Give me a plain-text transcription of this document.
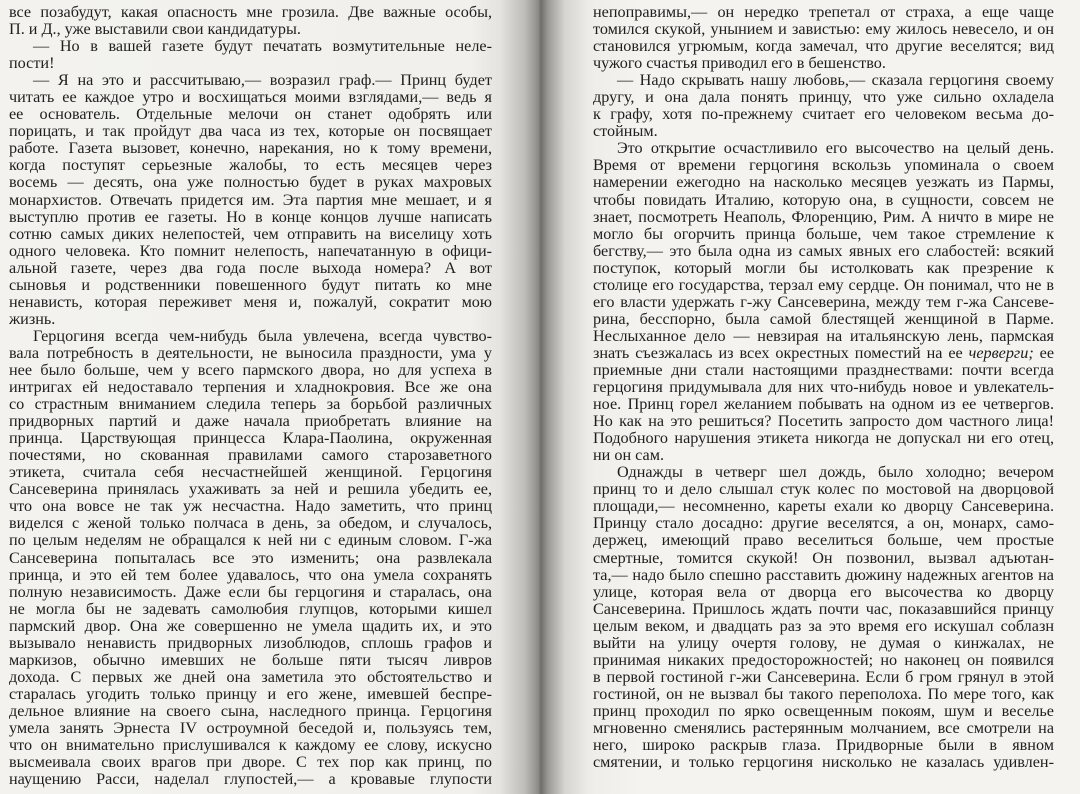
все позабудут, какая опасность мне грозила. Две важные особы,
П. и Д., уже выставили свои кандидатуры.
— Но в вашей газете будут печатать возмутительные неле-
пости!
— Я на это и рассчитываю,— возразил граф.— Принц будет
читать ее каждое утро и восхищаться моими взглядами,— ведь я
ее основатель. Отдельные мелочи он станет одобрять или
порицать, и так пройдут два часа из тех, которые он посвящает
работе. Газета вызовет, конечно, нарекания, но к тому времени,
когда поступят серьезные жалобы, то есть месяцев через
восемь — десять, она уже полностью будет в руках махровых
монархистов. Отвечать придется им. Эта партия мне мешает, и я
выступлю против ее газеты. Но в конце концов лучше написать
сотню самых диких нелепостей, чем отправить на виселицу хоть
одного человека. Кто помнит нелепость, напечатанную в офици-
альной газете, через два года после выхода номера? А вот
сыновья и родственники повешенного будут питать ко мне
ненависть, которая переживет меня и, пожалуй, сократит мою
жизнь.
Герцогиня всегда чем-нибудь была увлечена, всегда чувство-
вала потребность в деятельности, не выносила праздности, ума у
нее было больше, чем у всего пармского двора, но для успеха в
интригах ей недоставало терпения и хладнокровия. Все же она
со страстным вниманием следила теперь за борьбой различных
придворных партий и даже начала приобретать влияние на
принца. Царствующая принцесса Клара-Паолина, окруженная
почестями, но скованная правилами самого старозаветного
этикета, считала себя несчастнейшей женщиной. Герцогиня
Сансеверина принялась ухаживать за ней и решила убедить ее,
что она вовсе не так уж несчастна. Надо заметить, что принц
виделся с женой только полчаса в день, за обедом, и случалось,
по целым неделям не обращался к ней ни с единым словом. Г-жа
Сансеверина попыталась все это изменить; она развлекала
принца, и это ей тем более удавалось, что она умела сохранять
полную независимость. Даже если бы герцогиня и старалась, она
не могла бы не задевать самолюбия глупцов, которыми кишел
пармский двор. Она же совершенно не умела щадить их, и это
вызывало ненависть придворных лизоблюдов, сплошь графов и
маркизов, обычно имевших не больше пяти тысяч ливров
дохода. С первых же дней она заметила это обстоятельство и
старалась угодить только принцу и его жене, имевшей беспре-
дельное влияние на своего сына, наследного принца. Герцогиня
умела занять Эрнеста IV остроумной беседой и, пользуясь тем,
что он внимательно прислушивался к каждому ее слову, искусно
высмеивала своих врагов при дворе. С тех пор как принц, по
наущению Расси, наделал глупостей,— а кровавые глупости
непоправимы,— он нередко трепетал от страха, а еще чаще
томился скукой, унынием и завистью: ему жилось невесело, и он
становился угрюмым, когда замечал, что другие веселятся; вид
чужого счастья приводил его в бешенство.
— Надо скрывать нашу любовь,— сказала герцогиня своему
другу, и она дала понять принцу, что уже сильно охладела
к графу, хотя по-прежнему считает его человеком весьма до-
стойным.
Это открытие осчастливило его высочество на целый день.
Время от времени герцогиня вскользь упоминала о своем
намерении ежегодно на насколько месяцев уезжать из Пармы,
чтобы повидать Италию, которую она, в сущности, совсем не
знает, посмотреть Неаполь, Флоренцию, Рим. А ничто в мире не
могло бы огорчить принца больше, чем такое стремление к
бегству,— это была одна из самых явных его слабостей: всякий
поступок, который могли бы истолковать как презрение к
столице его государства, терзал ему сердце. Он понимал, что не в
его власти удержать г-жу Сансеверина, между тем г-жа Сансеве-
рина, бесспорно, была самой блестящей женщиной в Парме.
Неслыханное дело — невзирая на итальянскую лень, пармская
знать съезжалась из всех окрестных поместий на ее черверги; ее
приемные дни стали настоящими празднествами: почти всегда
герцогиня придумывала для них что-нибудь новое и увлекатель-
ное. Принц горел желанием побывать на одном из ее четвергов.
Но как на это решиться? Посетить запросто дом частного лица!
Подобного нарушения этикета никогда не допускал ни его отец,
ни он сам.
Однажды в четверг шел дождь, было холодно; вечером
принц то и дело слышал стук колес по мостовой на дворцовой
площади,— несомненно, кареты ехали ко дворцу Сансеверина.
Принцу стало досадно: другие веселятся, а он, монарх, само-
держец, имеющий право веселиться больше, чем простые
смертные, томится скукой! Он позвонил, вызвал адъютан-
та,— надо было спешно расставить дюжину надежных агентов на
улице, которая вела от дворца его высочества ко дворцу
Сансеверина. Пришлось ждать почти час, показавшийся принцу
целым веком, и двадцать раз за это время его искушал соблазн
выйти на улицу очертя голову, не думая о кинжалах, не
принимая никаких предосторожностей; но наконец он появился
в первой гостиной г-жи Сансеверина. Если б гром грянул в этой
гостиной, он не вызвал бы такого переполоха. По мере того, как
принц проходил по ярко освещенным покоям, шум и веселье
мгновенно сменялись растерянным молчанием, все смотрели на
него, широко раскрыв глаза. Придворные были в явном
смятении, и только герцогиня нисколько не казалась удивлен-
